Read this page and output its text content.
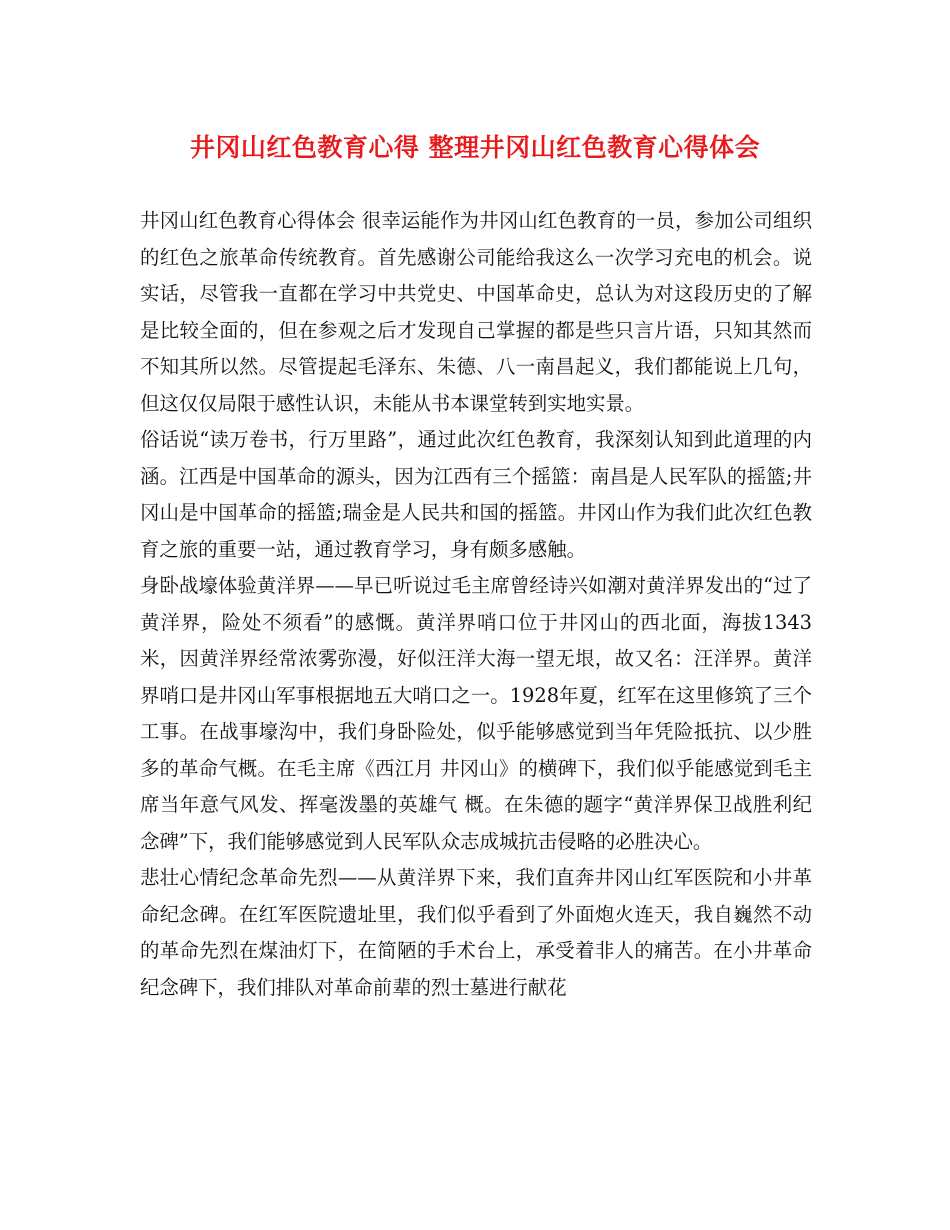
井冈山红色教育心得 整理井冈山红色教育心得体会

井冈山红色教育心得体会 很幸运能作为井冈山红色教育的一员，参加公司组织的红色之旅革命传统教育。首先感谢公司能给我这么一次学习充电的机会。说实话，尽管我一直都在学习中共党史、中国革命史，总认为对这段历史的了解是比较全面的，但在参观之后才发现自己掌握的都是些只言片语，只知其然而不知其所以然。尽管提起毛泽东、朱德、八一南昌起义，我们都能说上几句，但这仅仅局限于感性认识，未能从书本课堂转到实地实景。

俗话说“读万卷书，行万里路”，通过此次红色教育，我深刻认知到此道理的内涵。江西是中国革命的源头，因为江西有三个摇篮：南昌是人民军队的摇篮;井冈山是中国革命的摇篮;瑞金是人民共和国的摇篮。井冈山作为我们此次红色教育之旅的重要一站，通过教育学习，身有颇多感触。

身卧战壕体验黄洋界——早已听说过毛主席曾经诗兴如潮对黄洋界发出的“过了黄洋界，险处不须看”的感慨。黄洋界哨口位于井冈山的西北面，海拔1343米，因黄洋界经常浓雾弥漫，好似汪洋大海一望无垠，故又名：汪洋界。黄洋界哨口是井冈山军事根据地五大哨口之一。1928年夏，红军在这里修筑了三个工事。在战事壕沟中，我们身卧险处，似乎能够感觉到当年凭险抵抗、以少胜多的革命气概。在毛主席《西江月 井冈山》的横碑下，我们似乎能感觉到毛主席当年意气风发、挥毫泼墨的英雄气 概。在朱德的题字“黄洋界保卫战胜利纪念碑”下，我们能够感觉到人民军队众志成城抗击侵略的必胜决心。

悲壮心情纪念革命先烈——从黄洋界下来，我们直奔井冈山红军医院和小井革命纪念碑。在红军医院遗址里，我们似乎看到了外面炮火连天，我自巍然不动的革命先烈在煤油灯下，在简陋的手术台上，承受着非人的痛苦。在小井革命纪念碑下，我们排队对革命前辈的烈士墓进行献花
